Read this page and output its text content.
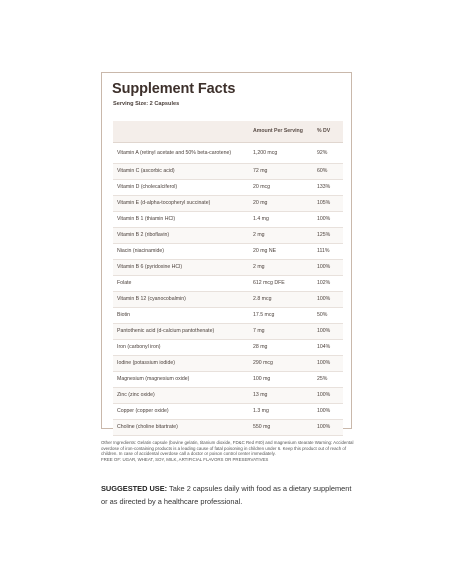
Supplement Facts
Serving Size: 2 Capsules
	Amount Per Serving	% DV
Vitamin A (retinyl acetate and 50% beta-carotene)	1,200 mcg	92%
Vitamin C (ascorbic acid)	72 mg	60%
Vitamin D (cholecalciferol)	20 mcg	133%
Vitamin E (d-alpha-tocopheryl succinate)	20 mg	105%
Vitamin B 1 (thiamin HCl)	1.4 mg	100%
Vitamin B 2 (riboflavin)	2 mg	125%
Niacin (niacinamide)	20 mg NE	111%
Vitamin B 6 (pyridoxine HCl)	2 mg	100%
Folate	612 mcg DFE	102%
Vitamin B 12 (cyanocobalmin)	2.8 mcg	100%
Biotin	17.5 mcg	50%
Pantothenic acid (d-calcium pantothenate)	7 mg	100%
Iron (carbonyl iron)	28 mg	104%
Iodine (potassium iodide)	290 mcg	100%
Magnesium (magnesium oxide)	100 mg	25%
Zinc (zinc oxide)	13 mg	100%
Copper (copper oxide)	1.3 mg	100%
Choline (choline bitartrate)	550 mg	100%

Other Ingredients: Gelatin capsule (bovine gelatin, titanium dioxide, FD&C Red #40) and magnesium stearate Warning: Accidental overdose of iron-containing products is a leading cause of fatal poisoning in children under 6. Keep this product out of reach of children. In case of accidental overdose call a doctor or poison control center immediately.

FREE OF: UGAR, WHEAT, SOY, MILK, ARTIFICIAL FLAVORS OR PRESERVATIVES

SUGGESTED USE: Take 2 capsules daily with food as a dietary supplement or as directed by a healthcare professional.
